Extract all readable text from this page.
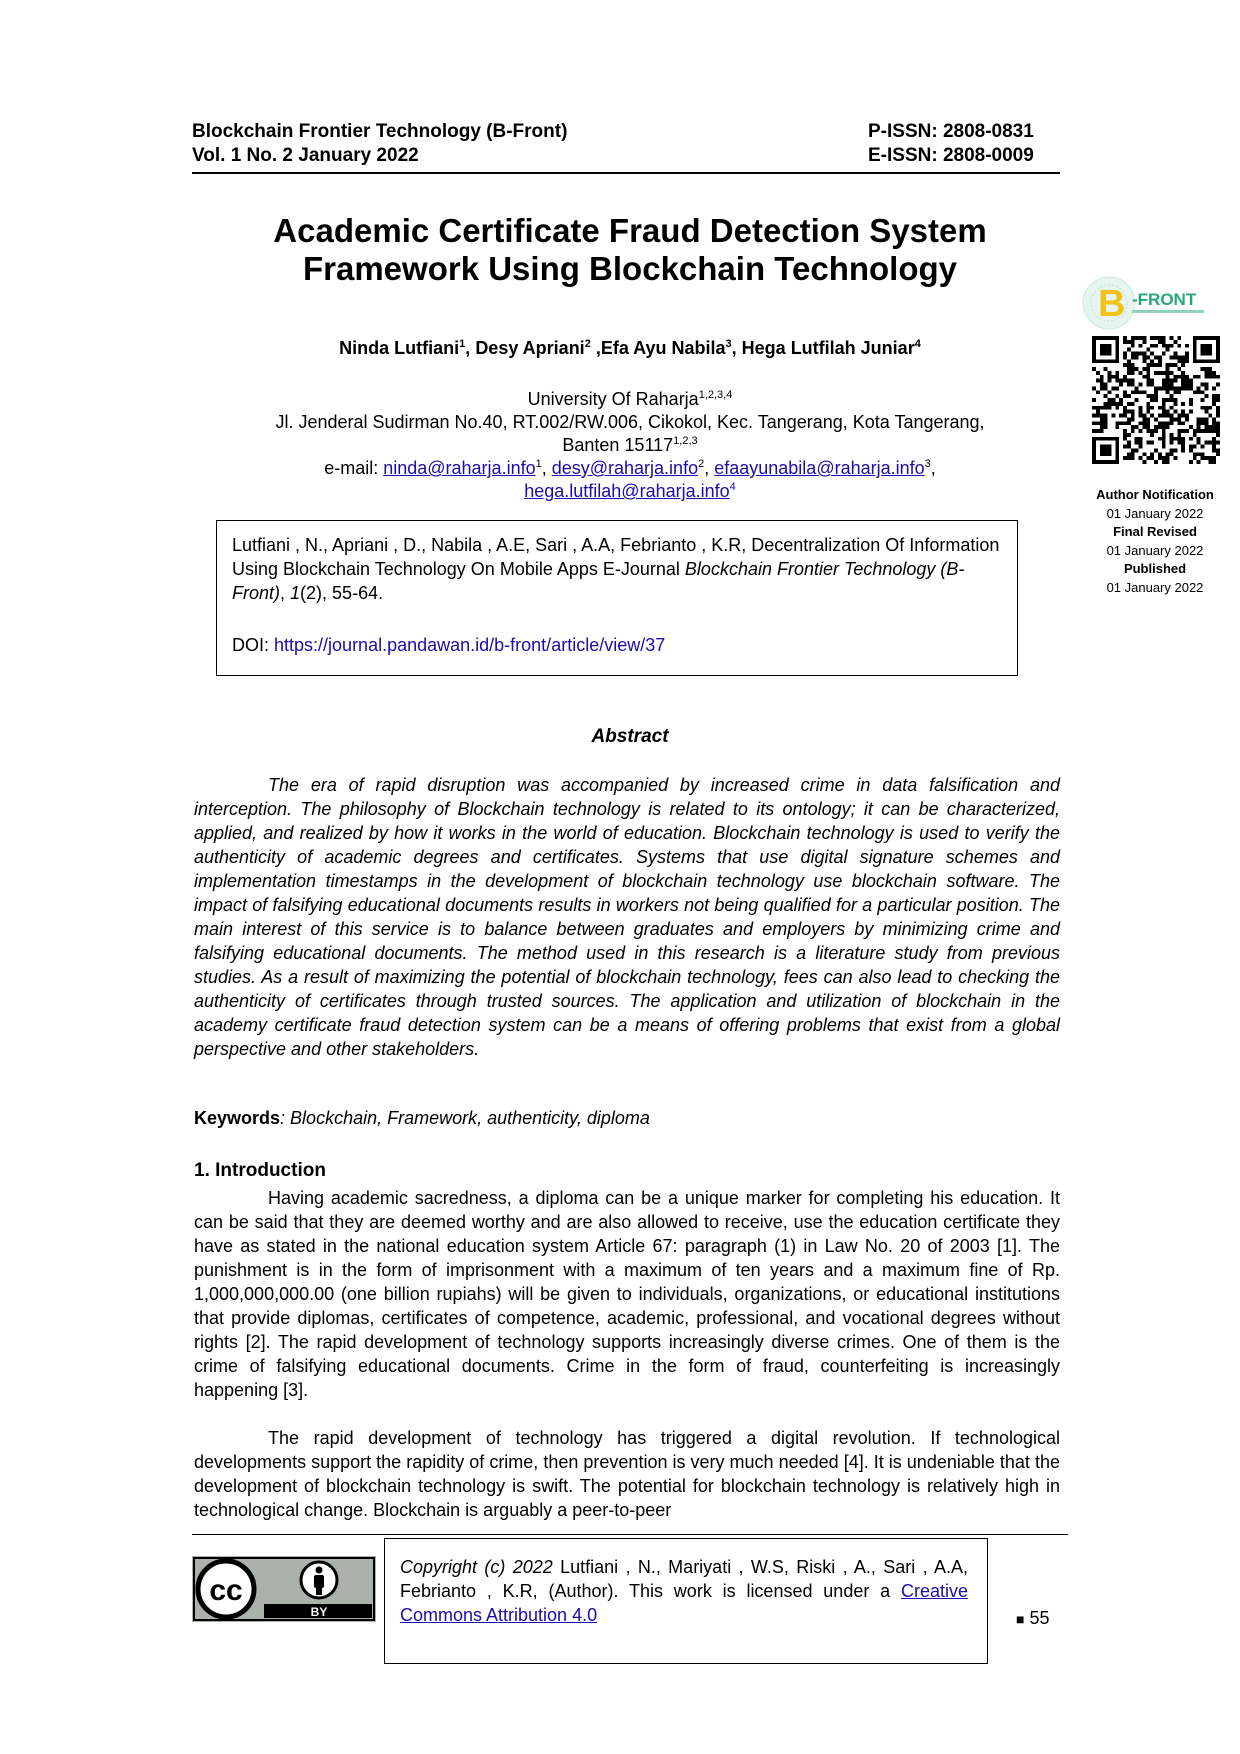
Blockchain Frontier Technology (B-Front)
Vol. 1 No. 2 January 2022
P-ISSN: 2808-0831
E-ISSN: 2808-0009
Academic Certificate Fraud Detection System
Framework Using Blockchain Technology
Ninda Lutfiani$^1$, Desy Apriani$^2$ ,Efa Ayu Nabila$^3$, Hega Lutfilah Juniar$^4$
University Of Raharja$^{1,2,3,4}$
Jl. Jenderal Sudirman No.40, RT.002/RW.006, Cikokol, Kec. Tangerang, Kota Tangerang,
Banten 15117$^{1,2,3}$
e-mail: ninda@raharja.info$^1$, desy@raharja.info$^2$, efaayunabila@raharja.info$^3$,
hega.lutfilah@raharja.info$^4$
Lutfiani , N., Apriani , D., Nabila , A.E, Sari , A.A, Febrianto , K.R, Decentralization Of Information Using Blockchain Technology On Mobile Apps E-Journal Blockchain Frontier Technology (B-Front), 1(2), 55-64.
DOI: https://journal.pandawan.id/b-front/article/view/37
B -FRONT
Author Notification
01 January 2022
Final Revised
01 January 2022
Published
01 January 2022
Abstract
The era of rapid disruption was accompanied by increased crime in data falsification and interception. The philosophy of Blockchain technology is related to its ontology; it can be characterized, applied, and realized by how it works in the world of education. Blockchain technology is used to verify the authenticity of academic degrees and certificates. Systems that use digital signature schemes and implementation timestamps in the development of blockchain technology use blockchain software. The impact of falsifying educational documents results in workers not being qualified for a particular position. The main interest of this service is to balance between graduates and employers by minimizing crime and falsifying educational documents. The method used in this research is a literature study from previous studies. As a result of maximizing the potential of blockchain technology, fees can also lead to checking the authenticity of certificates through trusted sources. The application and utilization of blockchain in the academy certificate fraud detection system can be a means of offering problems that exist from a global perspective and other stakeholders.
Keywords: Blockchain, Framework, authenticity, diploma
1. Introduction
Having academic sacredness, a diploma can be a unique marker for completing his education. It can be said that they are deemed worthy and are also allowed to receive, use the education certificate they have as stated in the national education system Article 67: paragraph (1) in Law No. 20 of 2003 [1]. The punishment is in the form of imprisonment with a maximum of ten years and a maximum fine of Rp. 1,000,000,000.00 (one billion rupiahs) will be given to individuals, organizations, or educational institutions that provide diplomas, certificates of competence, academic, professional, and vocational degrees without rights [2]. The rapid development of technology supports increasingly diverse crimes. One of them is the crime of falsifying educational documents. Crime in the form of fraud, counterfeiting is increasingly happening [3].
The rapid development of technology has triggered a digital revolution. If technological developments support the rapidity of crime, then prevention is very much needed [4]. It is undeniable that the development of blockchain technology is swift. The potential for blockchain technology is relatively high in technological change. Blockchain is arguably a peer-to-peer
cc
BY
Copyright (c) 2022 Lutfiani , N., Mariyati , W.S, Riski , A., Sari , A.A, Febrianto , K.R, (Author). This work is licensed under a Creative Commons Attribution 4.0	■ 55
